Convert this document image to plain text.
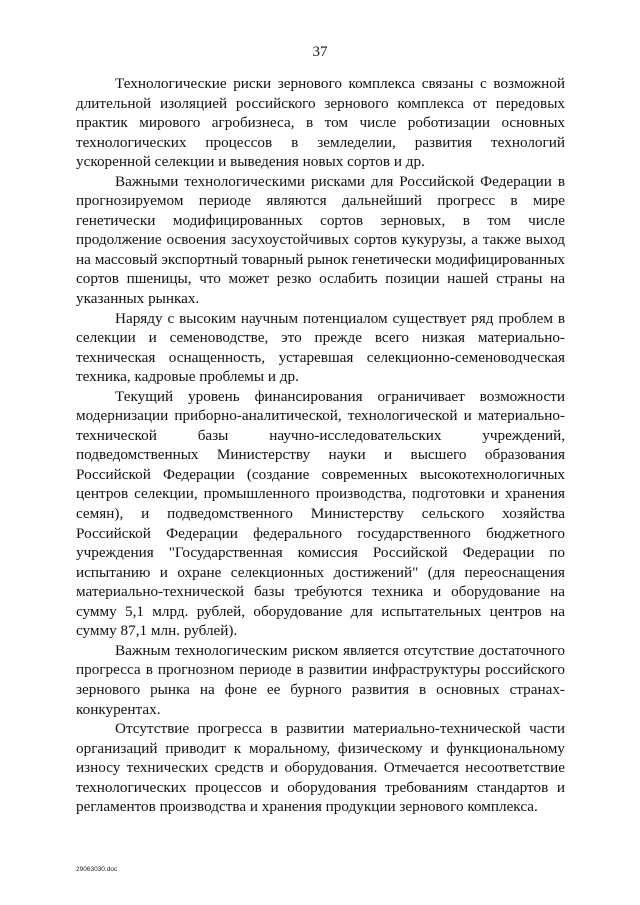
37

Технологические риски зернового комплекса связаны с возможной длительной изоляцией российского зернового комплекса от передовых практик мирового агробизнеса, в том числе роботизации основных технологических процессов в земледелии, развития технологий ускоренной селекции и выведения новых сортов и др.

Важными технологическими рисками для Российской Федерации в прогнозируемом периоде являются дальнейший прогресс в мире генетически модифицированных сортов зерновых, в том числе продолжение освоения засухоустойчивых сортов кукурузы, а также выход на массовый экспортный товарный рынок генетически модифицированных сортов пшеницы, что может резко ослабить позиции нашей страны на указанных рынках.

Наряду с высоким научным потенциалом существует ряд проблем в селекции и семеноводстве, это прежде всего низкая материально-техническая оснащенность, устаревшая селекционно-семеноводческая техника, кадровые проблемы и др.

Текущий уровень финансирования ограничивает возможности модернизации приборно-аналитической, технологической и материально-технической базы научно-исследовательских учреждений, подведомственных Министерству науки и высшего образования Российской Федерации (создание современных высокотехнологичных центров селекции, промышленного производства, подготовки и хранения семян), и подведомственного Министерству сельского хозяйства Российской Федерации федерального государственного бюджетного учреждения "Государственная комиссия Российской Федерации по испытанию и охране селекционных достижений" (для переоснащения материально-технической базы требуются техника и оборудование на сумму 5,1 млрд. рублей, оборудование для испытательных центров на сумму 87,1 млн. рублей).

Важным технологическим риском является отсутствие достаточного прогресса в прогнозном периоде в развитии инфраструктуры российского зернового рынка на фоне ее бурного развития в основных странах-конкурентах.

Отсутствие прогресса в развитии материально-технической части организаций приводит к моральному, физическому и функциональному износу технических средств и оборудования. Отмечается несоответствие технологических процессов и оборудования требованиям стандартов и регламентов производства и хранения продукции зернового комплекса.

29063030.doc
